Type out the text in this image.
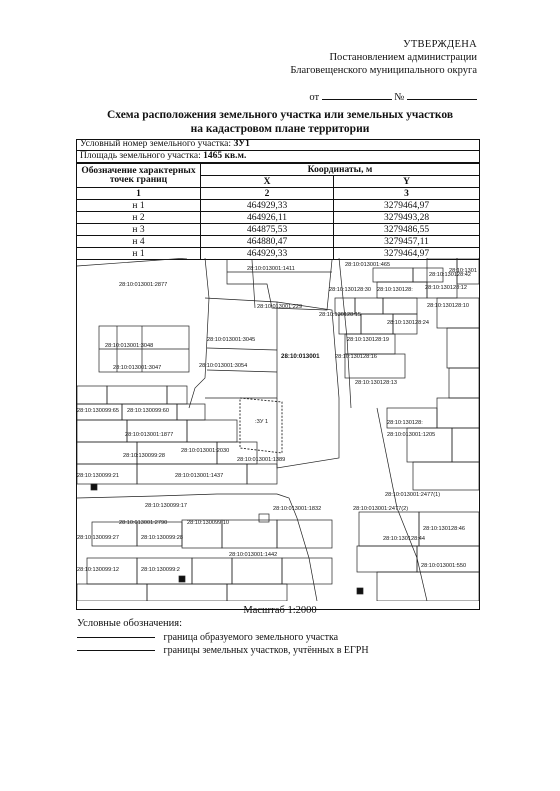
УТВЕРЖДЕНА
Постановлением администрации
Благовещенского муниципального округа
от	№
Схема расположения земельного участка или земельных участков
на кадастровом плане территории
Условный номер земельного участка: ЗУ1
Площадь земельного участка: 1465 кв.м.
Обозначение характерных точек границ	Координаты, м	
	X	Y
1	2	3
н 1	464929,33	3279464,97
н 2	464926,11	3279493,28
н 3	464875,53	3279486,55
н 4	464880,47	3279457,11
н 1	464929,33	3279464,97
28:10:013001
:ЗУ 1
28:10:013001:1411
28:10:013001:465
28:10:130128:42
28:10:1301
28:10:013001:2877
28:10:130128:30 28:10:130128: 28:10:130128:12
28:10:013001:229
28:10:130128:24
28:10:130128:15
28:10:130128:10
28:10:013001:3048
28:10:013001:3045	28:10:130128:19
28:10:130128:16
28:10:013001:3047	28:10:013001:3054
28:10:130128:13
28:10:130099:65 28:10:130099:60
28:10:130128:
28:10:013001:1877	28:10:013001:1205
28:10:130099:28
28:10:013001:2030
28:10:013001:1389
28:10:130099:21	28:10:013001:1437
28:10:013001:2477(1)
28:10:130099:17	28:10:013001:1832	28:10:013001:2477(2)
28:10:013001:2790	28:10:130099:10
28:10:130128:46
28:10:130099:27	28:10:130099:28	28:10:130128:44
28:10:013001:1442
28:10:130099:12	28:10:130099:2
28:10:013001:550
Масштаб 1:2000
Условные обозначения:
граница образуемого земельного участка
границы земельных участков, учтённых в ЕГРН
